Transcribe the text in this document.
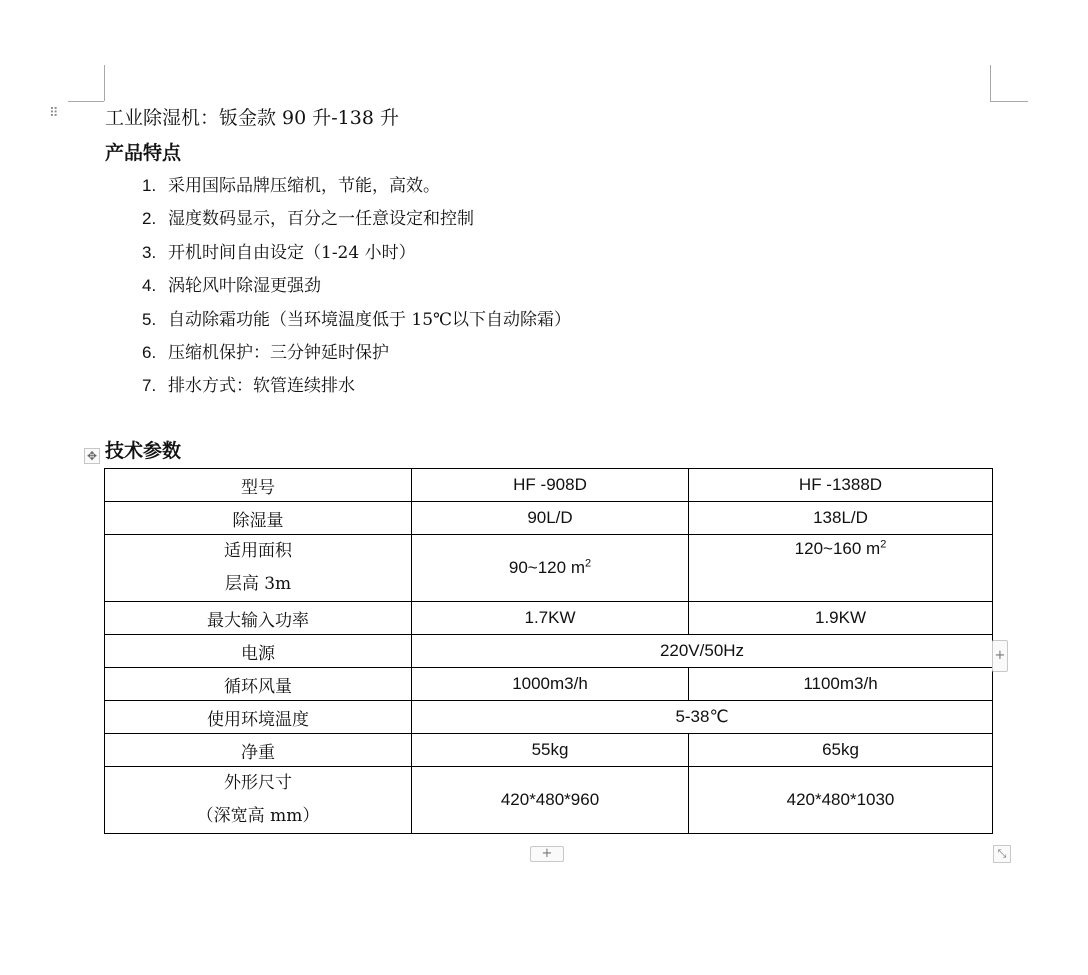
⠿ 工业除湿机：钣金款 90 升-138 升
产品特点
1. 采用国际品牌压缩机，节能，高效。
2. 湿度数码显示，百分之一任意设定和控制
3. 开机时间自由设定（1-24 小时）
4. 涡轮风叶除湿更强劲
5. 自动除霜功能（当环境温度低于 15℃以下自动除霜）
6. 压缩机保护：三分钟延时保护
7. 排水方式：软管连续排水
技术参数
✥
型号	HF -908D	HF -1388D
除湿量	90L/D	138L/D

适用面积
层高 3m	90~120 $m^2$	120~160 $m^2$
最大输入功率	1.7KW	1.9KW
电源	220V/50Hz	
循环风量	1000m3/h	1100m3/h
使用环境温度	5-38℃	
净重	55kg	65kg

外形尺寸
（深宽高 mm）	420*480*960	420*480*1030
+
+	⤡
